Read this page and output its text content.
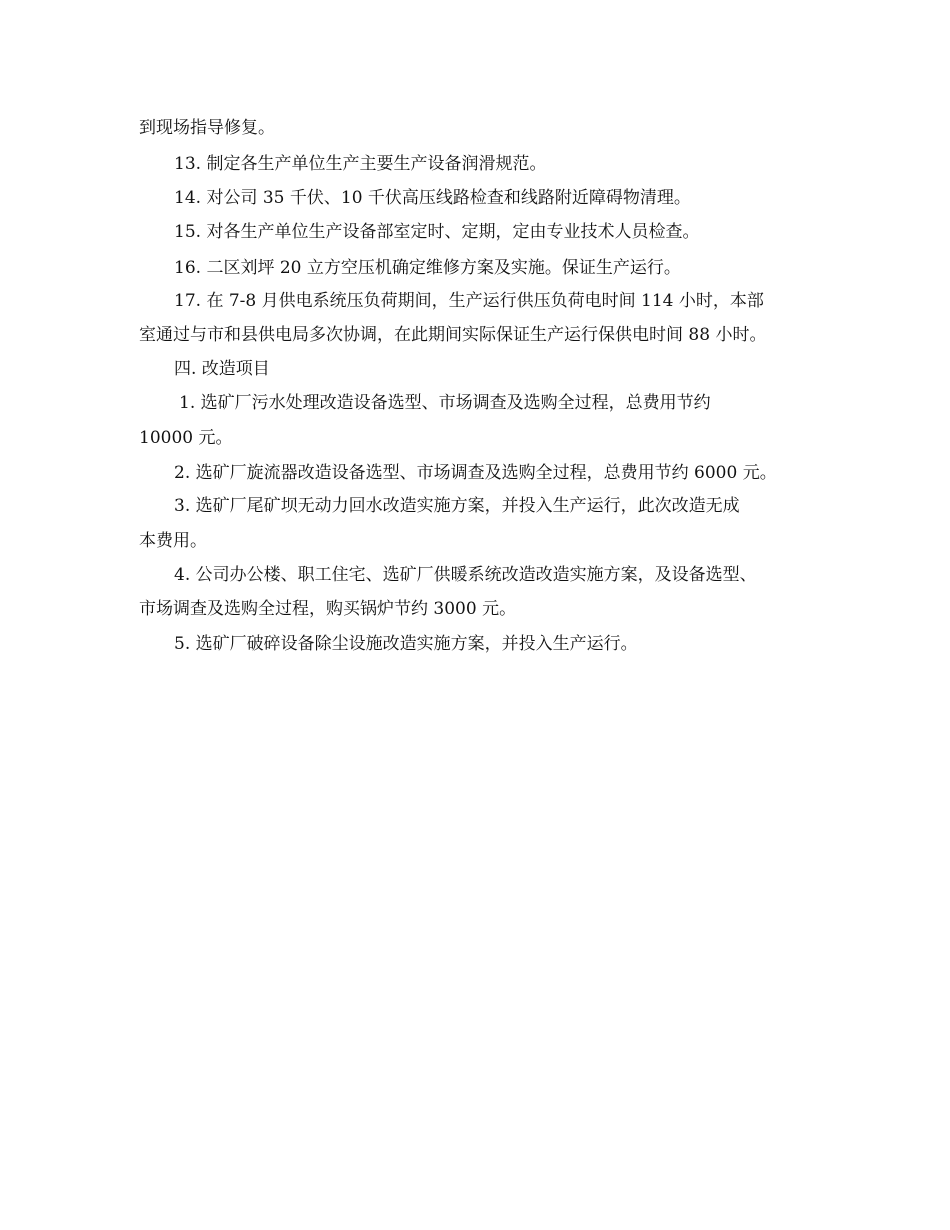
到现场指导修复。
13. 制定各生产单位生产主要生产设备润滑规范。
14. 对公司 35 千伏、10 千伏高压线路检查和线路附近障碍物清理。
15. 对各生产单位生产设备部室定时、定期，定由专业技术人员检查。
16. 二区刘坪 20 立方空压机确定维修方案及实施。保证生产运行。
17. 在 7-8 月供电系统压负荷期间，生产运行供压负荷电时间 114 小时，本部
室通过与市和县供电局多次协调，在此期间实际保证生产运行保供电时间 88 小时。
四. 改造项目
1. 选矿厂污水处理改造设备选型、市场调查及选购全过程，总费用节约
10000 元。
2. 选矿厂旋流器改造设备选型、市场调查及选购全过程，总费用节约 6000 元。
3. 选矿厂尾矿坝无动力回水改造实施方案，并投入生产运行，此次改造无成
本费用。
4. 公司办公楼、职工住宅、选矿厂供暖系统改造改造实施方案，及设备选型、
市场调查及选购全过程，购买锅炉节约 3000 元。
5. 选矿厂破碎设备除尘设施改造实施方案，并投入生产运行。
